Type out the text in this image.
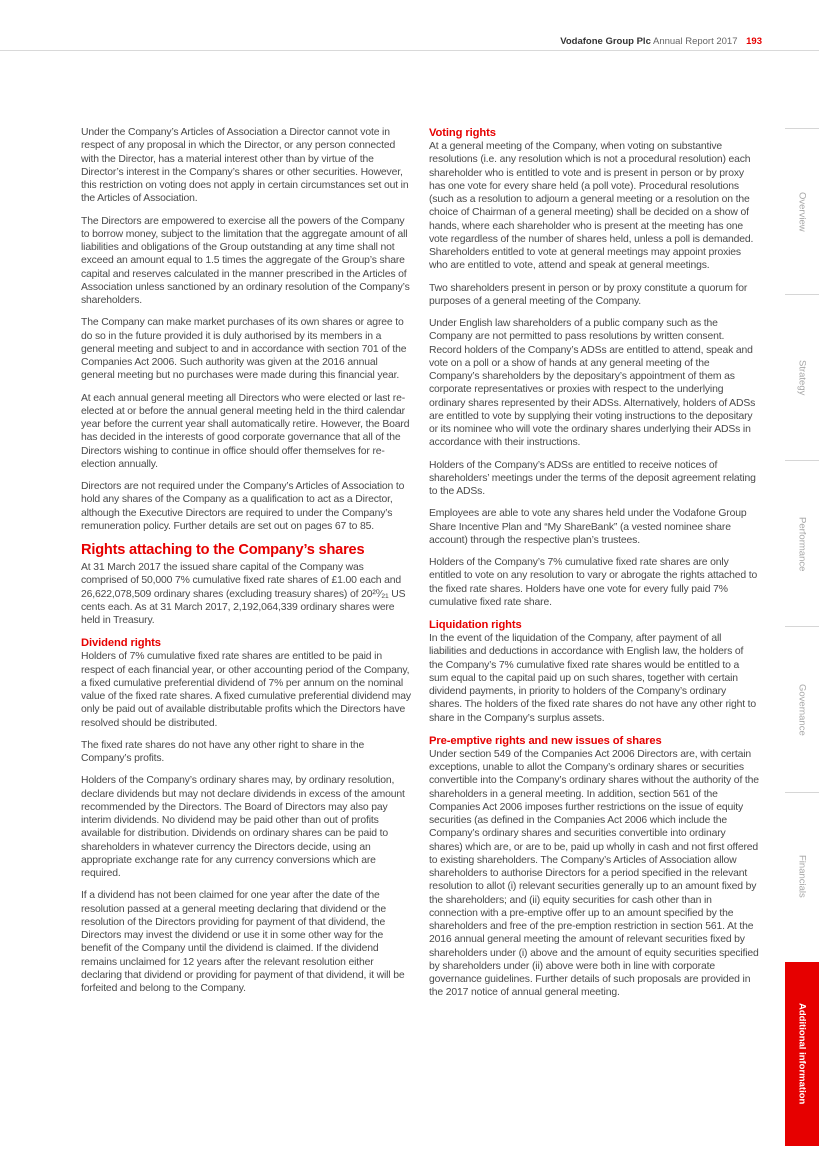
Vodafone Group Plc Annual Report 2017 193

Under the Company’s Articles of Association a Director cannot vote in respect of any proposal in which the Director, or any person connected with the Director, has a material interest other than by virtue of the Director’s interest in the Company’s shares or other securities. However, this restriction on voting does not apply in certain circumstances set out in the Articles of Association.

The Directors are empowered to exercise all the powers of the Company to borrow money, subject to the limitation that the aggregate amount of all liabilities and obligations of the Group outstanding at any time shall not exceed an amount equal to 1.5 times the aggregate of the Group’s share capital and reserves calculated in the manner prescribed in the Articles of Association unless sanctioned by an ordinary resolution of the Company’s shareholders.

The Company can make market purchases of its own shares or agree to do so in the future provided it is duly authorised by its members in a general meeting and subject to and in accordance with section 701 of the Companies Act 2006. Such authority was given at the 2016 annual general meeting but no purchases were made during this financial year.

At each annual general meeting all Directors who were elected or last re-elected at or before the annual general meeting held in the third calendar year before the current year shall automatically retire. However, the Board has decided in the interests of good corporate governance that all of the Directors wishing to continue in office should offer themselves for re-election annually.

Directors are not required under the Company’s Articles of Association to hold any shares of the Company as a qualification to act as a Director, although the Executive Directors are required to under the Company’s remuneration policy. Further details are set out on pages 67 to 85.

Rights attaching to the Company’s shares

At 31 March 2017 the issued share capital of the Company was comprised of 50,000 7% cumulative fixed rate shares of £1.00 each and 26,622,078,509 ordinary shares (excluding treasury shares) of 20²⁰⁄₂₁ US cents each. As at 31 March 2017, 2,192,064,339 ordinary shares were held in Treasury.

Dividend rights

Holders of 7% cumulative fixed rate shares are entitled to be paid in respect of each financial year, or other accounting period of the Company, a fixed cumulative preferential dividend of 7% per annum on the nominal value of the fixed rate shares. A fixed cumulative preferential dividend may only be paid out of available distributable profits which the Directors have resolved should be distributed.

The fixed rate shares do not have any other right to share in the Company’s profits.

Holders of the Company’s ordinary shares may, by ordinary resolution, declare dividends but may not declare dividends in excess of the amount recommended by the Directors. The Board of Directors may also pay interim dividends. No dividend may be paid other than out of profits available for distribution. Dividends on ordinary shares can be paid to shareholders in whatever currency the Directors decide, using an appropriate exchange rate for any currency conversions which are required.

If a dividend has not been claimed for one year after the date of the resolution passed at a general meeting declaring that dividend or the resolution of the Directors providing for payment of that dividend, the Directors may invest the dividend or use it in some other way for the benefit of the Company until the dividend is claimed. If the dividend remains unclaimed for 12 years after the relevant resolution either declaring that dividend or providing for payment of that dividend, it will be forfeited and belong to the Company.

Voting rights

At a general meeting of the Company, when voting on substantive resolutions (i.e. any resolution which is not a procedural resolution) each shareholder who is entitled to vote and is present in person or by proxy has one vote for every share held (a poll vote). Procedural resolutions (such as a resolution to adjourn a general meeting or a resolution on the choice of Chairman of a general meeting) shall be decided on a show of hands, where each shareholder who is present at the meeting has one vote regardless of the number of shares held, unless a poll is demanded. Shareholders entitled to vote at general meetings may appoint proxies who are entitled to vote, attend and speak at general meetings.

Two shareholders present in person or by proxy constitute a quorum for purposes of a general meeting of the Company.

Under English law shareholders of a public company such as the Company are not permitted to pass resolutions by written consent. Record holders of the Company’s ADSs are entitled to attend, speak and vote on a poll or a show of hands at any general meeting of the Company’s shareholders by the depositary’s appointment of them as corporate representatives or proxies with respect to the underlying ordinary shares represented by their ADSs. Alternatively, holders of ADSs are entitled to vote by supplying their voting instructions to the depositary or its nominee who will vote the ordinary shares underlying their ADSs in accordance with their instructions.

Holders of the Company’s ADSs are entitled to receive notices of shareholders’ meetings under the terms of the deposit agreement relating to the ADSs.

Employees are able to vote any shares held under the Vodafone Group Share Incentive Plan and “My ShareBank” (a vested nominee share account) through the respective plan’s trustees.

Holders of the Company’s 7% cumulative fixed rate shares are only entitled to vote on any resolution to vary or abrogate the rights attached to the fixed rate shares. Holders have one vote for every fully paid 7% cumulative fixed rate share.

Liquidation rights

In the event of the liquidation of the Company, after payment of all liabilities and deductions in accordance with English law, the holders of the Company’s 7% cumulative fixed rate shares would be entitled to a sum equal to the capital paid up on such shares, together with certain dividend payments, in priority to holders of the Company’s ordinary shares. The holders of the fixed rate shares do not have any other right to share in the Company’s surplus assets.

Pre-emptive rights and new issues of shares

Under section 549 of the Companies Act 2006 Directors are, with certain exceptions, unable to allot the Company’s ordinary shares or securities convertible into the Company’s ordinary shares without the authority of the shareholders in a general meeting. In addition, section 561 of the Companies Act 2006 imposes further restrictions on the issue of equity securities (as defined in the Companies Act 2006 which include the Company’s ordinary shares and securities convertible into ordinary shares) which are, or are to be, paid up wholly in cash and not first offered to existing shareholders. The Company’s Articles of Association allow shareholders to authorise Directors for a period specified in the relevant resolution to allot (i) relevant securities generally up to an amount fixed by the shareholders; and (ii) equity securities for cash other than in connection with a pre-emptive offer up to an amount specified by the shareholders and free of the pre-emption restriction in section 561. At the 2016 annual general meeting the amount of relevant securities fixed by shareholders under (i) above and the amount of equity securities specified by shareholders under (ii) above were both in line with corporate governance guidelines. Further details of such proposals are provided in the 2017 notice of annual general meeting.

Overview
Strategy
Performance
Governance
Financials
Additional information
